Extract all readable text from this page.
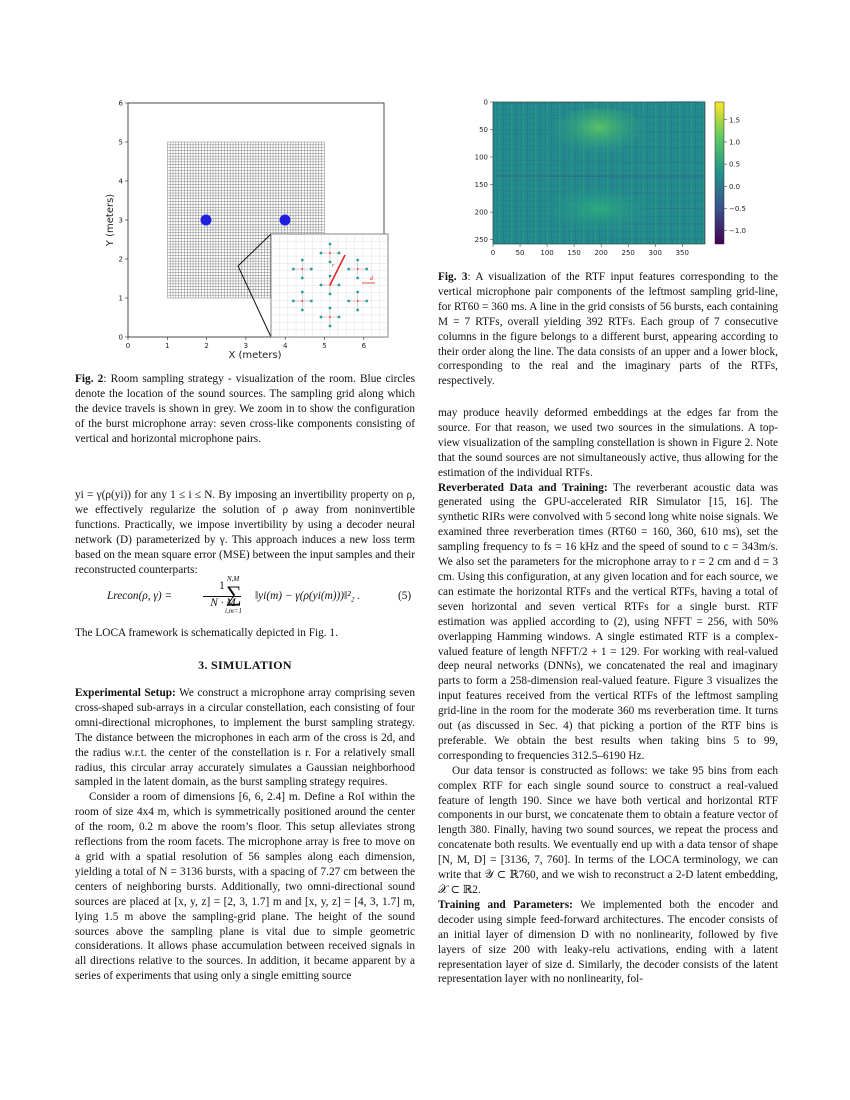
r
d
0	1	2	3	4	5	6
0
1
2
3
4
5
6
X (meters)
Y (meters)
Fig. 2: Room sampling strategy - visualization of the room. Blue circles denote the location of the sound sources. The sampling grid along which the device travels is shown in grey. We zoom in to show the configuration of the burst microphone array: seven cross-like components consisting of vertical and horizontal microphone pairs.
0
50
100
150
200
250
0	50 100 150 200 250 300 350
1.5
1.0
0.5
0.0
−0.5
−1.0
Fig. 3: A visualization of the RTF input features corresponding to the vertical microphone pair components of the leftmost sampling grid-line, for RT60 = 360 ms. A line in the grid consists of 56 bursts, each containing M = 7 RTFs, overall yielding 392 RTFs. Each group of 7 consecutive columns in the figure belongs to a different burst, appearing according to their order along the line. The data consists of an upper and a lower block, corresponding to the real and the imaginary parts of the RTFs, respectively.

yi = γ(ρ(yi)) for any 1 ≤ i ≤ N. By imposing an invertibility property on ρ, we effectively regularize the solution of ρ away from noninvertible functions. Practically, we impose invertibility by using a decoder neural network (D) parameterized by γ. This approach induces a new loss term based on the mean square error (MSE) between the input samples and their reconstructed counterparts:

Lrecon(ρ, γ) =
1
N · M
N,M
∑
i,m=1
‖yi(m) − γ(ρ(yi(m)))‖²₂ .	(5)

The LOCA framework is schematically depicted in Fig. 1.

3. SIMULATION

Experimental Setup: We construct a microphone array comprising seven cross-shaped sub-arrays in a circular constellation, each consisting of four omni-directional microphones, to implement the burst sampling strategy. The distance between the microphones in each arm of the cross is 2d, and the radius w.r.t. the center of the constellation is r. For a relatively small radius, this circular array accurately simulates a Gaussian neighborhood sampled in the latent domain, as the burst sampling strategy requires.

Consider a room of dimensions [6, 6, 2.4] m. Define a RoI within the room of size 4x4 m, which is symmetrically positioned around the center of the room, 0.2 m above the room’s floor. This setup alleviates strong reflections from the room facets. The microphone array is free to move on a grid with a spatial resolution of 56 samples along each dimension, yielding a total of N = 3136 bursts, with a spacing of 7.27 cm between the centers of neighboring bursts. Additionally, two omni-directional sound sources are placed at [x, y, z] = [2, 3, 1.7] m and [x, y, z] = [4, 3, 1.7] m, lying 1.5 m above the sampling-grid plane. The height of the sound sources above the sampling plane is vital due to simple geometric considerations. It allows phase accumulation between received signals in all directions relative to the sources. In addition, it became apparent by a series of experiments that using only a single emitting source

may produce heavily deformed embeddings at the edges far from the source. For that reason, we used two sources in the simulations. A top-view visualization of the sampling constellation is shown in Figure 2. Note that the sound sources are not simultaneously active, thus allowing for the estimation of the individual RTFs.

Reverberated Data and Training: The reverberant acoustic data was generated using the GPU-accelerated RIR Simulator [15, 16]. The synthetic RIRs were convolved with 5 second long white noise signals. We examined three reverberation times (RT60 = 160, 360, 610 ms), set the sampling frequency to fs = 16 kHz and the speed of sound to c = 343m/s. We also set the parameters for the microphone array to r = 2 cm and d = 3 cm. Using this configuration, at any given location and for each source, we can estimate the horizontal RTFs and the vertical RTFs, having a total of seven horizontal and seven vertical RTFs for a single burst. RTF estimation was applied according to (2), using NFFT = 256, with 50% overlapping Hamming windows. A single estimated RTF is a complex-valued feature of length NFFT/2 + 1 = 129. For working with real-valued deep neural networks (DNNs), we concatenated the real and imaginary parts to form a 258-dimension real-valued feature. Figure 3 visualizes the input features received from the vertical RTFs of the leftmost sampling grid-line in the room for the moderate 360 ms reverberation time. It turns out (as discussed in Sec. 4) that picking a portion of the RTF bins is preferable. We obtain the best results when taking bins 5 to 99, corresponding to frequencies 312.5–6190 Hz.

Our data tensor is constructed as follows: we take 95 bins from each complex RTF for each single sound source to construct a real-valued feature of length 190. Since we have both vertical and horizontal RTF components in our burst, we concatenate them to obtain a feature vector of length 380. Finally, having two sound sources, we repeat the process and concatenate both results. We eventually end up with a data tensor of shape [N, M, D] = [3136, 7, 760]. In terms of the LOCA terminology, we can write that 𝒴 ⊂ ℝ760, and we wish to reconstruct a 2-D latent embedding, 𝒳 ⊂ ℝ2.

Training and Parameters: We implemented both the encoder and decoder using simple feed-forward architectures. The encoder consists of an initial layer of dimension D with no nonlinearity, followed by five layers of size 200 with leaky-relu activations, ending with a latent representation layer of size d. Similarly, the decoder consists of the latent representation layer with no nonlinearity, fol-
